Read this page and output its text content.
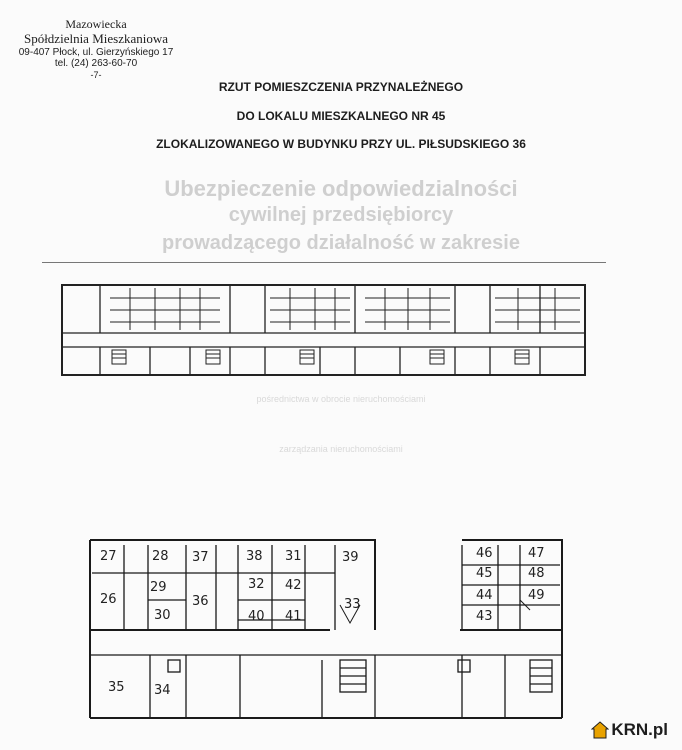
Mazowiecka
Spółdzielnia Mieszkaniowa
09-407 Płock, ul. Gierzyńskiego 17
tel. (24) 263-60-70
-7-
RZUT POMIESZCZENIA PRZYNALEŻNEGO
DO LOKALU MIESZKALNEGO NR 45
ZLOKALIZOWANEGO W BUDYNKU PRZY UL. PIŁSUDSKIEGO 36
Ubezpieczenie odpowiedzialności
cywilnej przedsiębiorcy
prowadzącego działalność w zakresie
pośrednictwa w obrocie nieruchomościami
zarządzania nieruchomościami
27	28 37	38 31	39	46	47
29	32 42
45	48
26	36	33
44	49
30	40 41	43
35 34
KRN.pl
